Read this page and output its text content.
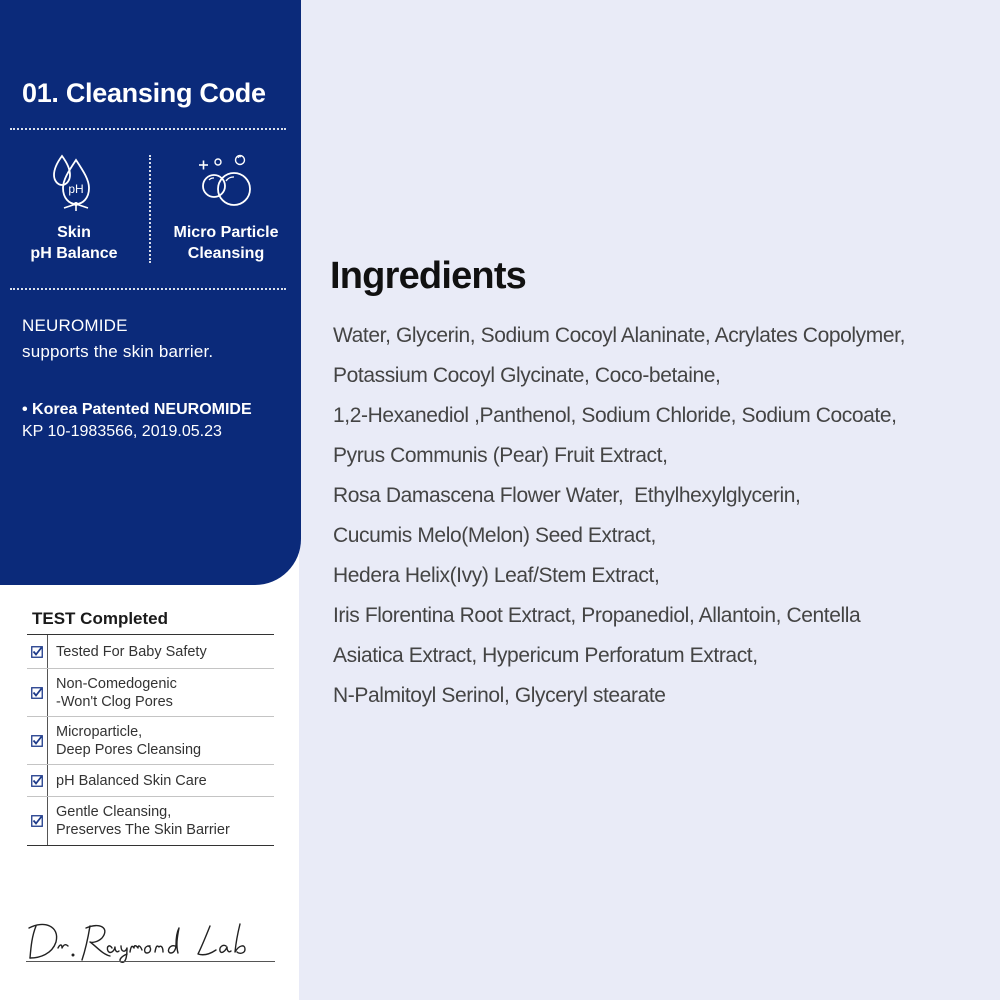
01. Cleansing Code
pH
Skin
pH Balance
Micro Particle
Cleansing
NEUROMIDE
supports the skin barrier.
• Korea Patented NEUROMIDE
KP 10-1983566, 2019.05.23
TEST Completed
Tested For Baby Safety
Non-Comedogenic
-Won't Clog Pores
Microparticle,
Deep Pores Cleansing
pH Balanced Skin Care
Gentle Cleansing,
Preserves The Skin Barrier
Ingredients
Water, Glycerin, Sodium Cocoyl Alaninate, Acrylates Copolymer,
Potassium Cocoyl Glycinate, Coco-betaine,
1,2-Hexanediol ,Panthenol, Sodium Chloride, Sodium Cocoate,
Pyrus Communis (Pear) Fruit Extract,
Rosa Damascena Flower Water,  Ethylhexylglycerin,
Cucumis Melo(Melon) Seed Extract,
Hedera Helix(Ivy) Leaf/Stem Extract,
Iris Florentina Root Extract, Propanediol, Allantoin, Centella
Asiatica Extract, Hypericum Perforatum Extract,
N-Palmitoyl Serinol, Glyceryl stearate
